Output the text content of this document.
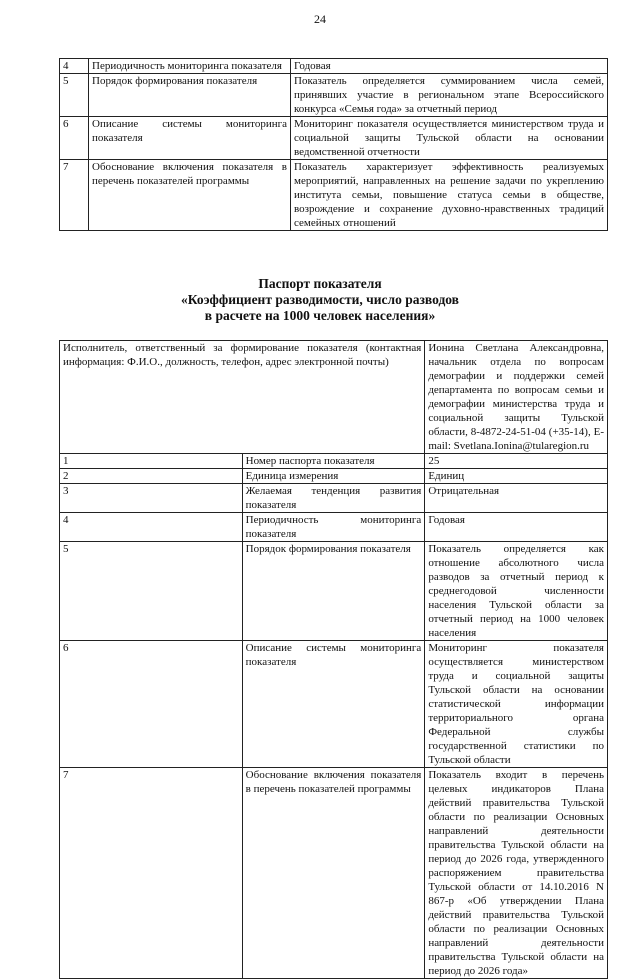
24
4	Периодичность мониторинга показателя	Годовая
5	Порядок формирования показателя	Показатель определяется суммированием числа семей, принявших участие в региональном этапе Всероссийского конкурса «Семья года» за отчетный период
6	Описание системы мониторинга показателя	Мониторинг показателя осуществляется министерством труда и социальной защиты Тульской области на основании ведомственной отчетности
7	Обоснование включения показателя в перечень показателей программы	Показатель характеризует эффективность реализуемых мероприятий, направленных на решение задачи по укреплению института семьи, повышение статуса семьи в обществе, возрождение и сохранение духовно-нравственных традиций семейных отношений
Паспорт показателя
«Коэффициент разводимости, число разводов
в расчете на 1000 человек населения»
Исполнитель, ответственный за формирование показателя (контактная информация: Ф.И.О., должность, телефон, адрес электронной почты)		Ионина Светлана Александровна, начальник отдела по вопросам демографии и поддержки семей департамента по вопросам семьи и демографии министерства труда и социальной защиты Тульской области, 8-4872-24-51-04 (+35-14), E-mail: Svetlana.Ionina@tularegion.ru
1	Номер паспорта показателя	25
2	Единица измерения	Единиц
3	Желаемая тенденция развития показателя	Отрицательная
4	Периодичность мониторинга показателя	Годовая
5	Порядок формирования показателя	Показатель определяется как отношение абсолютного числа разводов за отчетный период к среднегодовой численности населения Тульской области за отчетный период на 1000 человек населения
6	Описание системы мониторинга показателя	Мониторинг показателя осуществляется министерством труда и социальной защиты Тульской области на основании статистической информации территориального органа Федеральной службы государственной статистики по Тульской области
7	Обоснование включения показателя в перечень показателей программы	Показатель входит в перечень целевых индикаторов Плана действий правительства Тульской области по реализации Основных направлений деятельности правительства Тульской области на период до 2026 года, утвержденного распоряжением правительства Тульской области от 14.10.2016 N 867-р «Об утверждении Плана действий правительства Тульской области по реализации Основных направлений деятельности правительства Тульской области на период до 2026 года»
